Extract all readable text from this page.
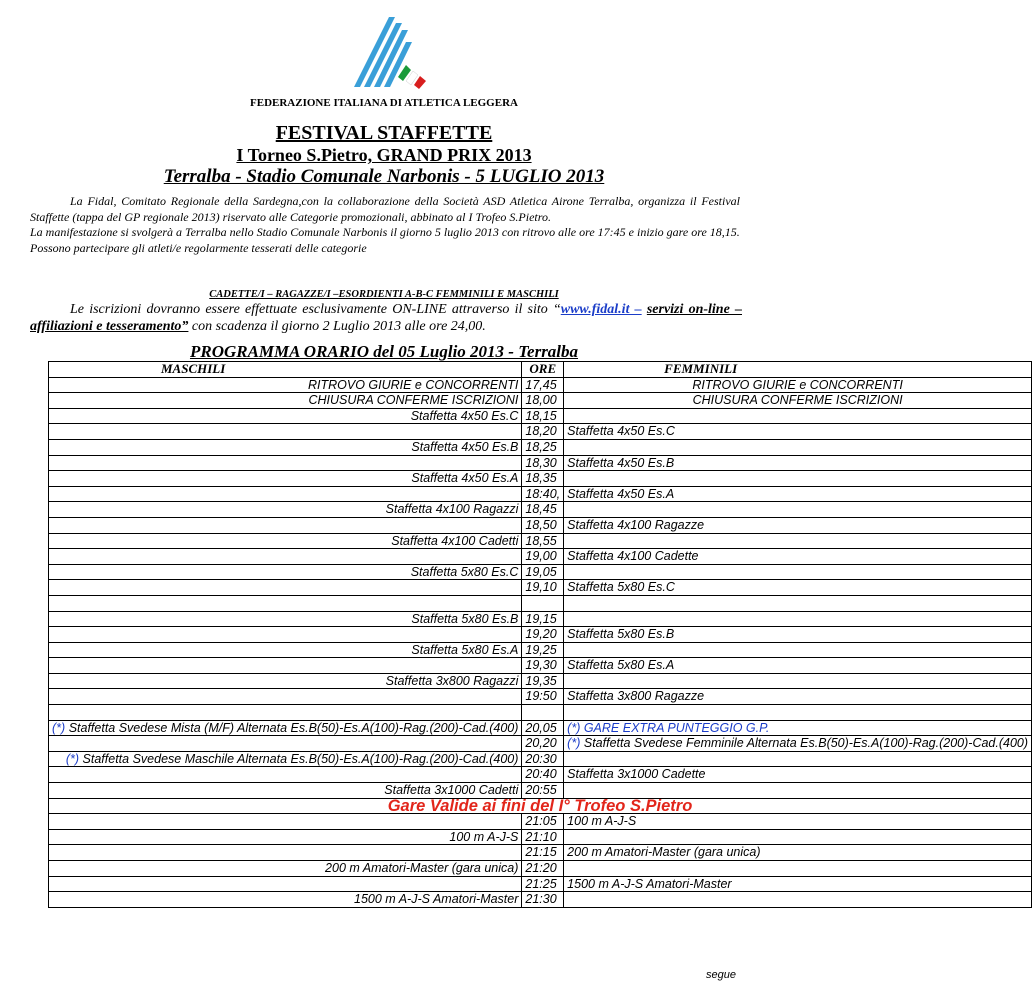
FEDERAZIONE ITALIANA DI ATLETICA LEGGERA
FESTIVAL STAFFETTE
I Torneo S.Pietro, GRAND PRIX 2013
Terralba - Stadio Comunale Narbonis - 5 LUGLIO 2013

La Fidal, Comitato Regionale della Sardegna,con la collaborazione della Società ASD Atletica Airone Terralba, organizza il Festival Staffette (tappa del GP regionale 2013) riservato alle Categorie promozionali, abbinato al I Trofeo S.Pietro.

La manifestazione si svolgerà a Terralba nello Stadio Comunale Narbonis il giorno 5 luglio 2013 con ritrovo alle ore 17:45 e inizio gare ore 18,15.

Possono partecipare gli atleti/e regolarmente tesserati delle categorie

CADETTE/I – RAGAZZE/I –ESORDIENTI A-B-C FEMMINILI E MASCHILI
Le iscrizioni dovranno essere effettuate esclusivamente ON-LINE attraverso il sito “www.fidal.it – servizi on-line – affiliazioni e tesseramento” con scadenza il giorno 2 Luglio 2013 alle ore 24,00.
PROGRAMMA ORARIO del 05 Luglio 2013 - Terralba
MASCHILI	ORE	FEMMINILI
RITROVO GIURIE e CONCORRENTI	17,45	RITROVO GIURIE e CONCORRENTI
CHIUSURA CONFERME ISCRIZIONI	18,00	CHIUSURA CONFERME ISCRIZIONI
Staffetta 4x50 Es.C	18,15	
	18,20	Staffetta 4x50 Es.C
Staffetta 4x50 Es.B	18,25	
	18,30	Staffetta 4x50 Es.B
Staffetta 4x50 Es.A	18,35	
	18:40,	Staffetta 4x50 Es.A
Staffetta 4x100 Ragazzi	18,45	
	18,50	Staffetta 4x100 Ragazze
Staffetta 4x100 Cadetti	18,55	
	19,00	Staffetta 4x100 Cadette
Staffetta 5x80 Es.C	19,05	
	19,10	Staffetta 5x80 Es.C

Staffetta 5x80 Es.B	19,15	
	19,20	Staffetta 5x80 Es.B
Staffetta 5x80 Es.A	19,25	
	19,30	Staffetta 5x80 Es.A
Staffetta 3x800 Ragazzi	19,35	
	19:50	Staffetta 3x800 Ragazze

(*) Staffetta Svedese Mista (M/F) Alternata Es.B(50)-Es.A(100)-Rag.(200)-Cad.(400)	20,05	(*) GARE EXTRA PUNTEGGIO G.P.
	20,20	(*) Staffetta Svedese Femminile Alternata Es.B(50)-Es.A(100)-Rag.(200)-Cad.(400)
(*) Staffetta Svedese Maschile Alternata Es.B(50)-Es.A(100)-Rag.(200)-Cad.(400)	20:30	
	20:40	Staffetta 3x1000 Cadette
Staffetta 3x1000 Cadetti	20:55	
Gare Valide ai fini del I° Trofeo S.Pietro		
	21:05	100 m A-J-S
100 m A-J-S	21:10	
	21:15	200 m Amatori-Master (gara unica)
200 m Amatori-Master (gara unica)	21:20	
	21:25	1500 m A-J-S Amatori-Master
1500 m A-J-S Amatori-Master	21:30	
segue
